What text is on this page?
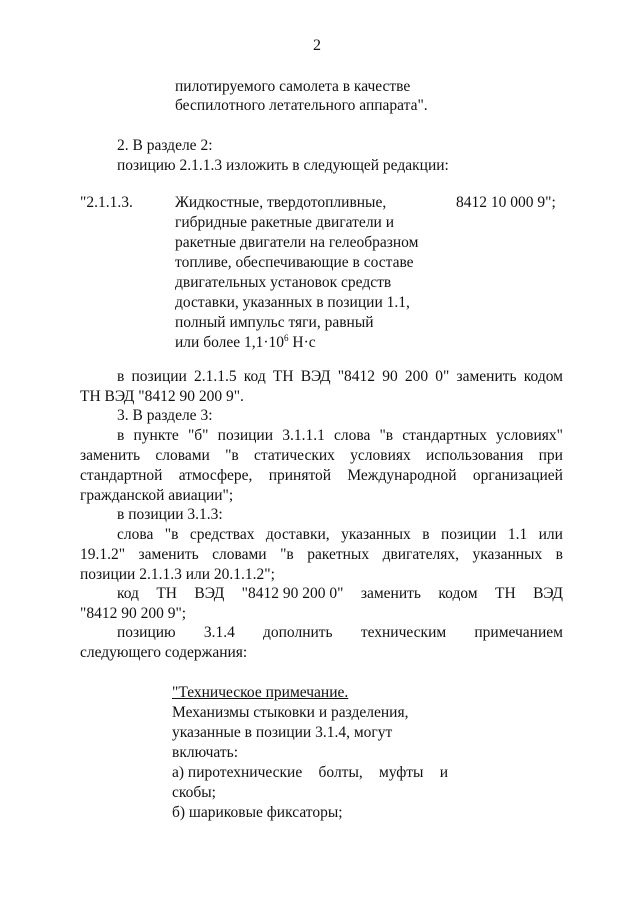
2
пилотируемого самолета в качестве
беспилотного летательного аппарата".
2. В разделе 2:
позицию 2.1.1.3 изложить в следующей редакции:
"2.1.1.3.	8412 10 000 9";
Жидкостные, твердотопливные,
гибридные ракетные двигатели и
ракетные двигатели на гелеобразном
топливе, обеспечивающие в составе
двигательных установок средств
доставки, указанных в позиции 1.1,
полный импульс тяги, равный
или более $1,1\cdot 10^6$ Н·с
в позиции 2.1.1.5 код ТН ВЭД "8412 90 200 0" заменить кодом
ТН ВЭД "8412 90 200 9".
3. В разделе 3:
в пункте "б" позиции 3.1.1.1 слова "в стандартных условиях"
заменить словами "в статических условиях использования при
стандартной атмосфере, принятой Международной организацией
гражданской авиации";
в позиции 3.1.3:
слова "в средствах доставки, указанных в позиции 1.1 или
19.1.2" заменить словами "в ракетных двигателях, указанных в
позиции 2.1.1.3 или 20.1.1.2";
код ТН ВЭД "8412 90 200 0" заменить кодом ТН ВЭД
"8412 90 200 9";
позицию 3.1.4 дополнить техническим примечанием
следующего содержания:
"Техническое примечание.
Механизмы стыковки и разделения,
указанные в позиции 3.1.4, могут
включать:
а) пиротехнические болты, муфты и
скобы;
б) шариковые фиксаторы;
